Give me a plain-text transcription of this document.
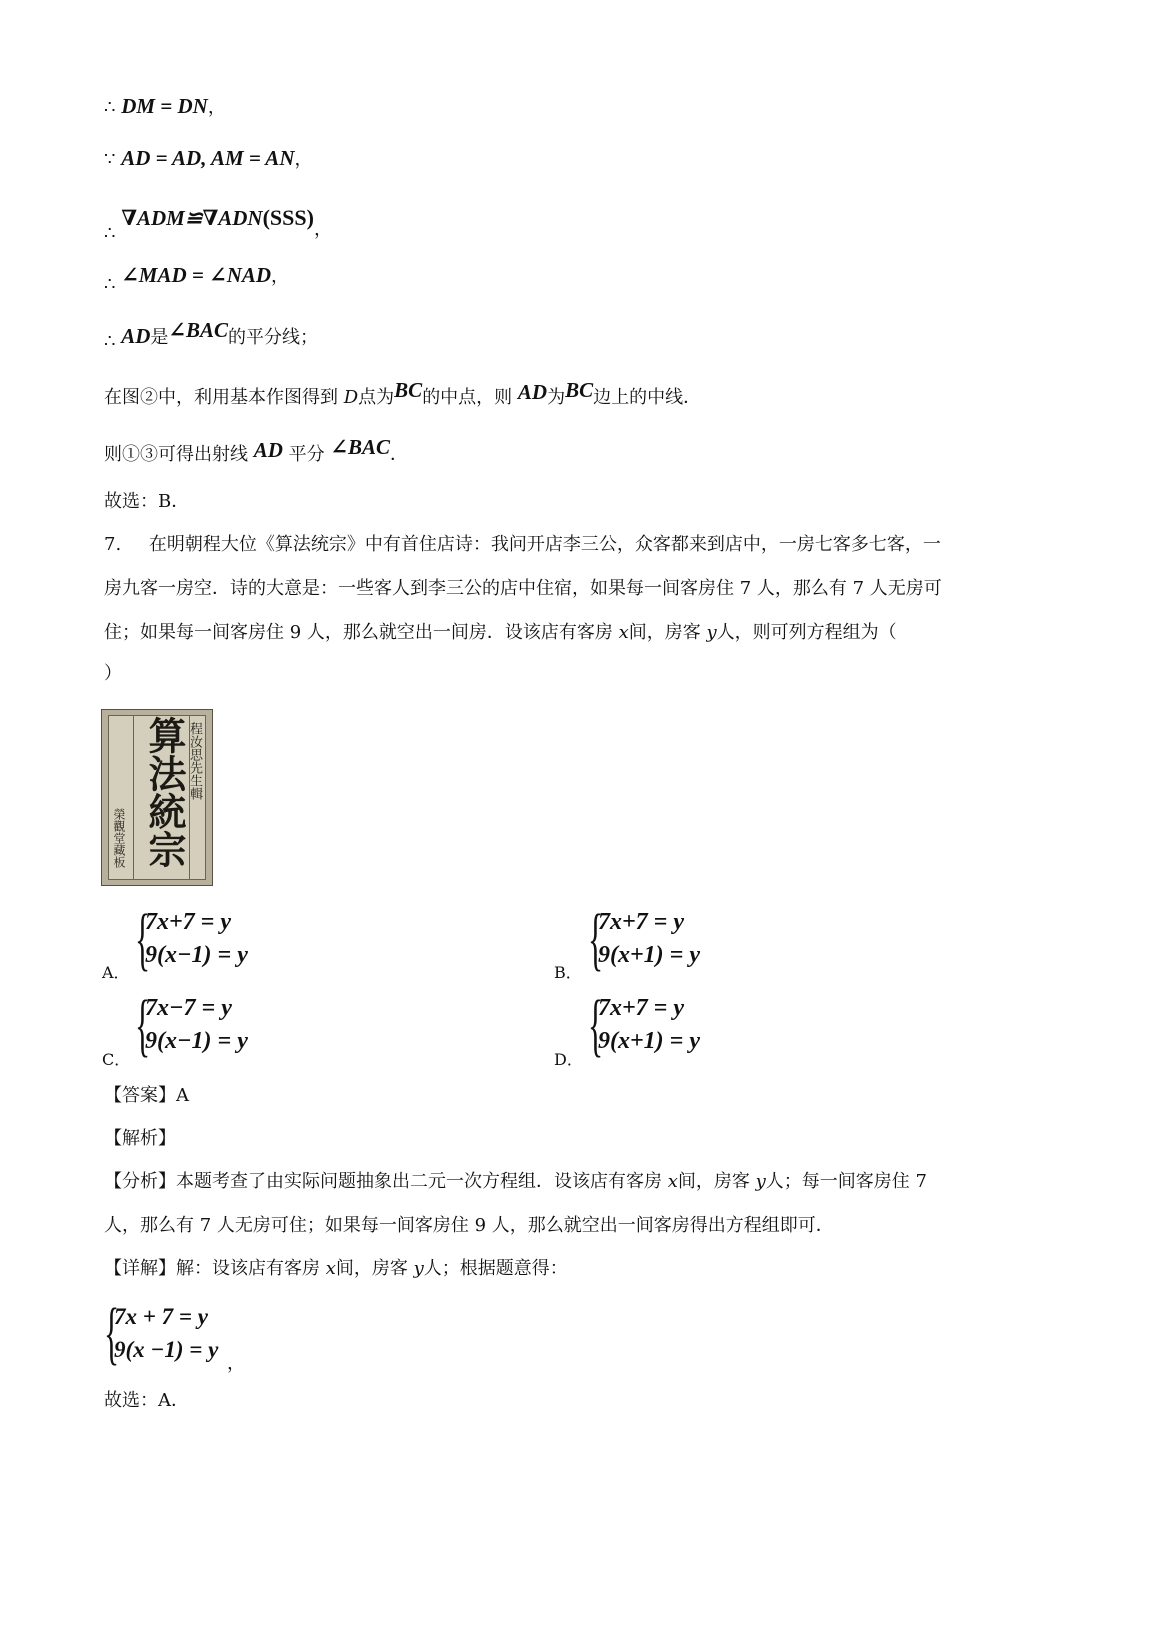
∴ DM = DN，
∵ AD = AD, AM = AN，
∴ ∇ADM≌∇ADN(SSS)，
∴ ∠MAD = ∠NAD，
∴ AD是∠BAC的平分线；
在图②中，利用基本作图得到 D点为BC的中点，则 AD为BC边上的中线．
则①③可得出射线 AD 平分 ∠BAC．
故选：B．
7. 在明朝程大位《算法统宗》中有首住店诗：我问开店李三公，众客都来到店中，一房七客多七客，一
房九客一房空．诗的大意是：一些客人到李三公的店中住宿，如果每一间客房住 7 人，那么有 7 人无房可
住；如果每一间客房住 9 人，那么就空出一间房．设该店有客房 x间，房客 y人，则可列方程组为（
）
算法統宗 程汝思先生輯
榮觀堂藏板
{
7x+7 = y
9(x−1) = y
A．	{
7x+7 = y
9(x+1) = y
B．
{
7x−7 = y
9(x−1) = y
C．	{
7x+7 = y
9(x+1) = y
D．
【答案】A
【解析】
【分析】本题考查了由实际问题抽象出二元一次方程组．设该店有客房 x间，房客 y人；每一间客房住 7
人，那么有 7 人无房可住；如果每一间客房住 9 人，那么就空出一间客房得出方程组即可．
【详解】解：设该店有客房 x间，房客 y人；根据题意得：
{
7x + 7 = y
9(x −1) = y
，
故选：A．
